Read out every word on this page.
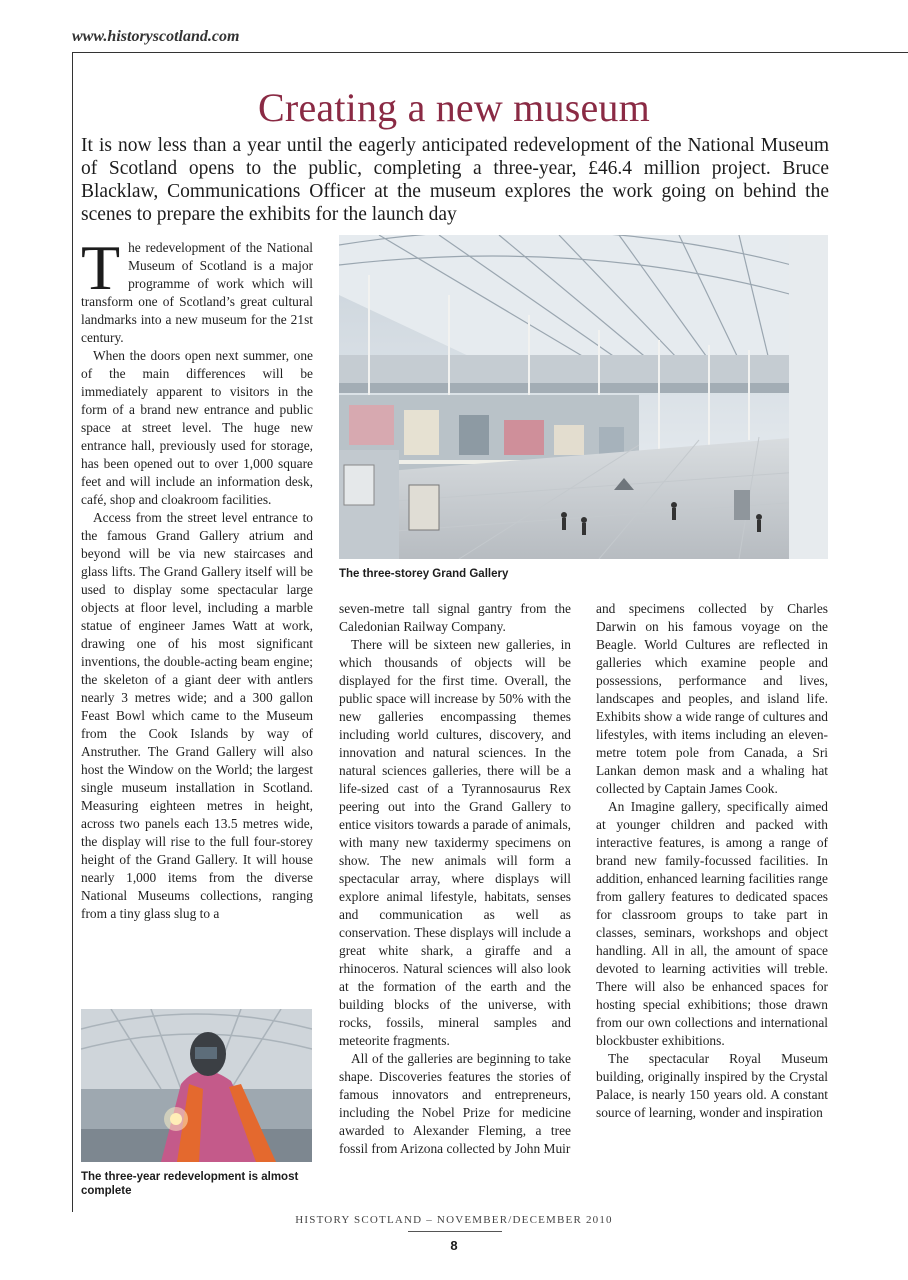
www.historyscotland.com
Creating a new museum
It is now less than a year until the eagerly anticipated redevelopment of the National Museum of Scotland opens to the public, completing a three-year, £46.4 million project. Bruce Blacklaw, Communications Officer at the museum explores the work going on behind the scenes to prepare the exhibits for the launch day

T he redevelopment of the National Museum of Scotland is a major programme of work which will transform one of Scotland’s great cultural landmarks into a new museum for the 21st century.

When the doors open next summer, one of the main differences will be immediately apparent to visitors in the form of a brand new entrance and public space at street level. The huge new entrance hall, previously used for storage, has been opened out to over 1,000 square feet and will include an information desk, café, shop and cloakroom facilities.

Access from the street level entrance to the famous Grand Gallery atrium and beyond will be via new staircases and glass lifts. The Grand Gallery itself will be used to display some spectacular large objects at floor level, including a marble statue of engineer James Watt at work, drawing one of his most significant inventions, the double-acting beam engine; the skeleton of a giant deer with antlers nearly 3 metres wide; and a 300 gallon Feast Bowl which came to the Museum from the Cook Islands by way of Anstruther. The Grand Gallery will also host the Window on the World; the largest single museum installation in Scotland. Measuring eighteen metres in height, across two panels each 13.5 metres wide, the display will rise to the full four-storey height of the Grand Gallery. It will house nearly 1,000 items from the diverse National Museums collections, ranging from a tiny glass slug to a

The three-storey Grand Gallery
The three-year redevelopment is almost complete

seven-metre tall signal gantry from the Caledonian Railway Company.

There will be sixteen new galleries, in which thousands of objects will be displayed for the first time. Overall, the public space will increase by 50% with the new galleries encompassing themes including world cultures, discovery, and innovation and natural sciences. In the natural sciences galleries, there will be a life-sized cast of a Tyrannosaurus Rex peering out into the Grand Gallery to entice visitors towards a parade of animals, with many new taxidermy specimens on show. The new animals will form a spectacular array, where displays will explore animal lifestyle, habitats, senses and communication as well as conservation. These displays will include a great white shark, a giraffe and a rhinoceros. Natural sciences will also look at the formation of the earth and the building blocks of the universe, with rocks, fossils, mineral samples and meteorite fragments.

All of the galleries are beginning to take shape. Discoveries features the stories of famous innovators and entrepreneurs, including the Nobel Prize for medicine awarded to Alexander Fleming, a tree fossil from Arizona collected by John Muir

and specimens collected by Charles Darwin on his famous voyage on the Beagle. World Cultures are reflected in galleries which examine people and possessions, performance and lives, landscapes and peoples, and island life. Exhibits show a wide range of cultures and lifestyles, with items including an eleven-metre totem pole from Canada, a Sri Lankan demon mask and a whaling hat collected by Captain James Cook.

An Imagine gallery, specifically aimed at younger children and packed with interactive features, is among a range of brand new family-focussed facilities. In addition, enhanced learning facilities range from gallery features to dedicated spaces for classroom groups to take part in classes, seminars, workshops and object handling. All in all, the amount of space devoted to learning activities will treble. There will also be enhanced spaces for hosting special exhibitions; those drawn from our own collections and international blockbuster exhibitions.

The spectacular Royal Museum building, originally inspired by the Crystal Palace, is nearly 150 years old. A constant source of learning, wonder and inspiration

HISTORY SCOTLAND – NOVEMBER/DECEMBER 2010
8
